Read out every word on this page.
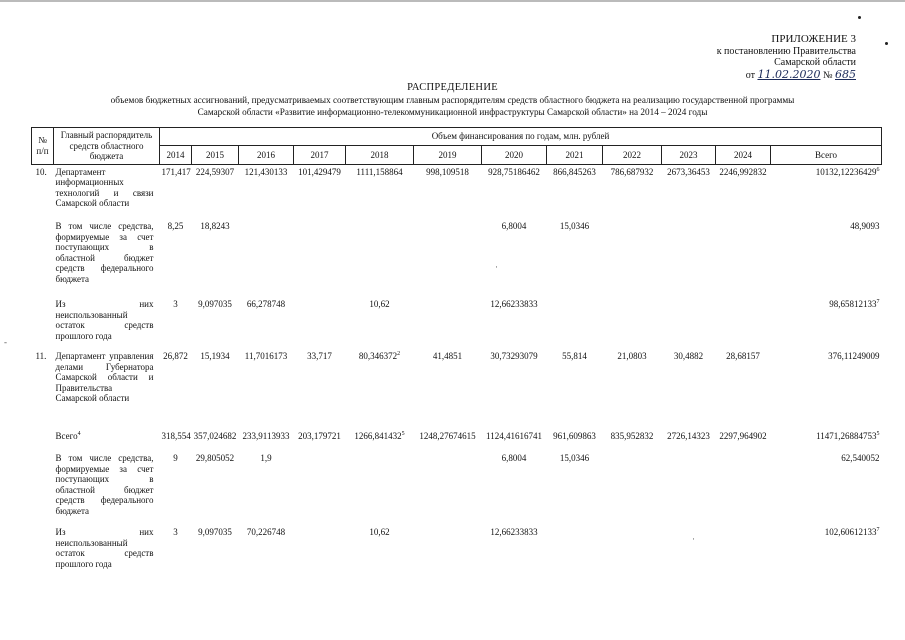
ПРИЛОЖЕНИЕ 3
к постановлению Правительства
Самарской области
от 11.02.2020 № 685
РАСПРЕДЕЛЕНИЕ
объемов бюджетных ассигнований, предусматриваемых соответствующим главным распорядителям средств областного бюджета на реализацию государственной программы
Самарской области «Развитие информационно-телекоммуникационной инфраструктуры Самарской области» на 2014 – 2024 годы
№ п/п	Главный распорядитель средств областного бюджета	Объем финансирования по годам, млн. рублей											
		2014	2015	2016	2017	2018	2019	2020	2021	2022	2023	2024	Всего
10.	Департамент информационных технологий и связи Самарской области	171,417	224,59307	121,430133	101,429479	1111,158864	998,109518	928,75186462	866,845263	786,687932	2673,36453	2246,992832	10132,12236429$^6$
	В том числе средства, формируемые за счет поступающих в областной бюджет средств федерального бюджета	8,25	18,8243					6,8004	15,0346				48,9093
	Из них неиспользованный остаток средств прошлого года	3	9,097035	66,278748		10,62		12,66233833					98,65812133$^7$
11.	Департамент управления делами Губернатора Самарской области и Правительства Самарской области	26,872	15,1934	11,7016173	33,717	80,346372$^2$	41,4851	30,73293079	55,814	21,0803	30,4882	28,68157	376,11249009
	Всего$^4$	318,554	357,024682	233,9113933	203,179721	1266,841432$^5$	1248,27674615	1124,41616741	961,609863	835,952832	2726,14323	2297,964902	11471,26884753$^5$
	В том числе средства, формируемые за счет поступающих в областной бюджет средств федерального бюджета	9	29,805052	1,9				6,8004	15,0346				62,540052
	Из них неиспользованный остаток средств прошлого года	3	9,097035	70,226748		10,62		12,66233833					102,60612133$^7$
-
·
·
